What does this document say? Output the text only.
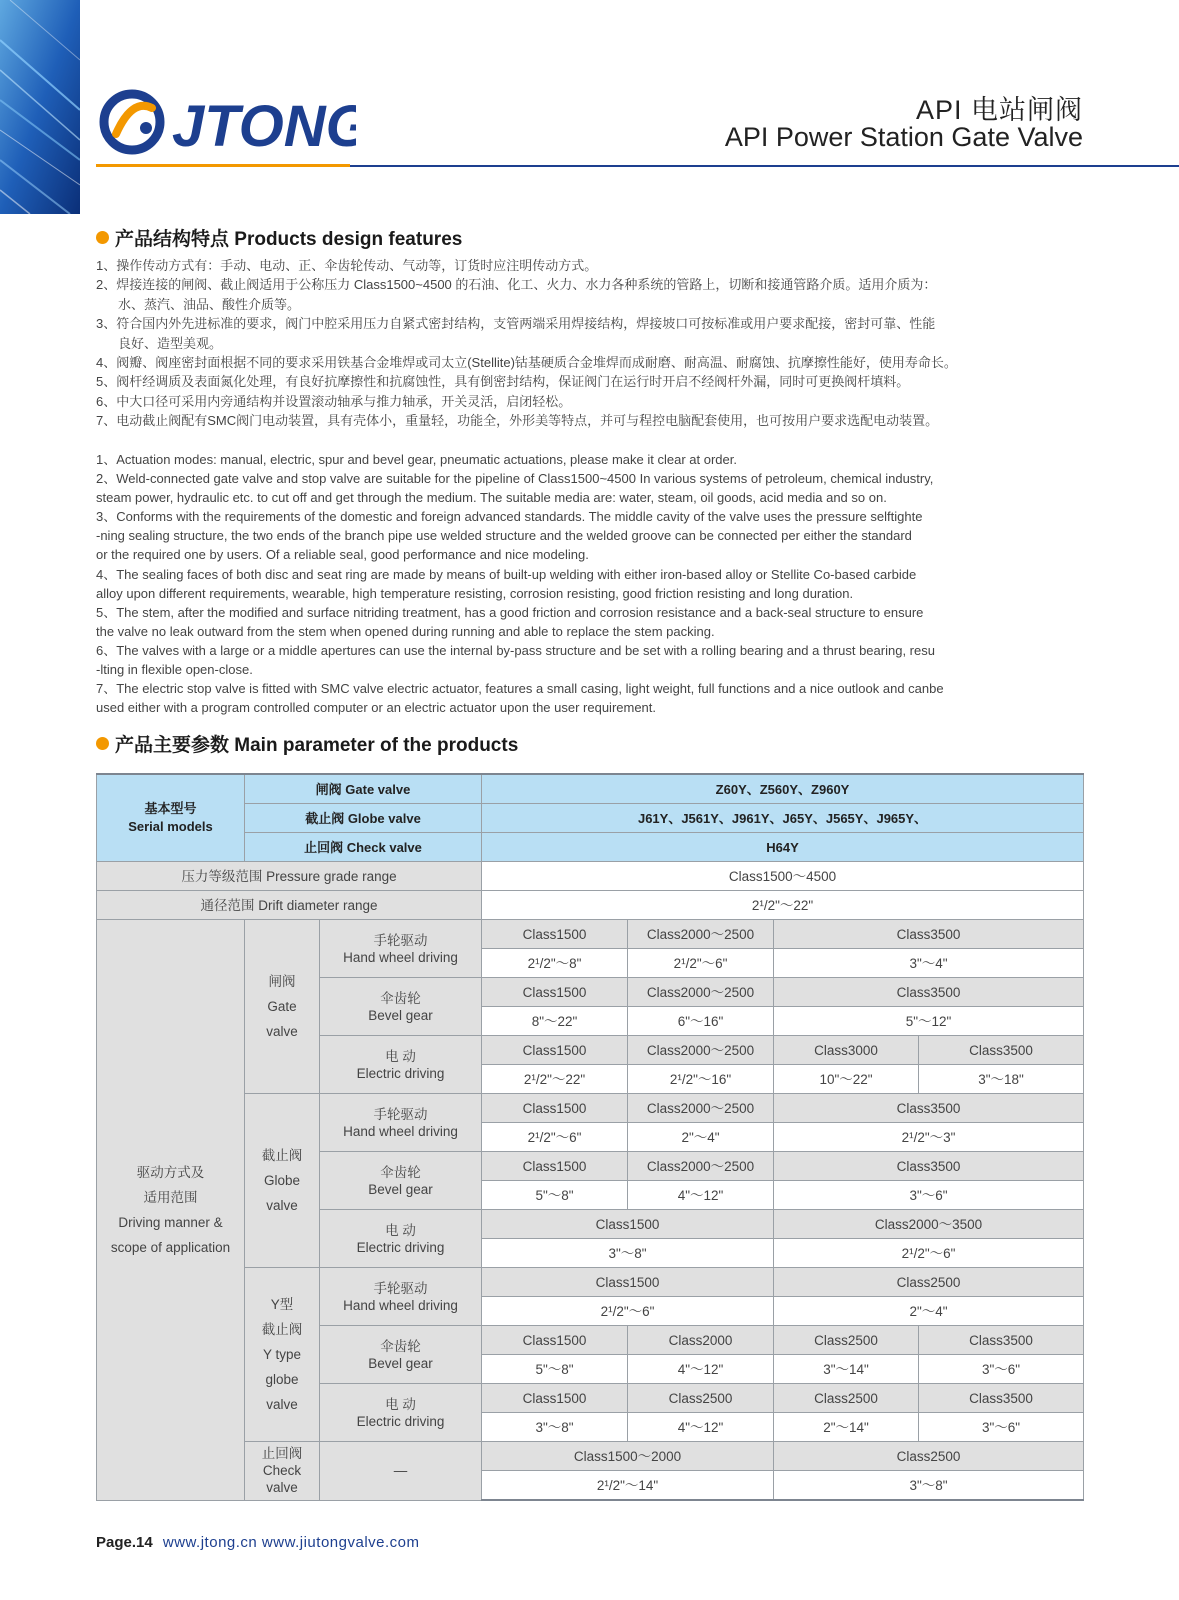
JTONG	API 电站闸阀
API Power Station Gate Valve
产品结构特点 Products design features

1、操作传动方式有：手动、电动、正、伞齿轮传动、气动等，订货时应注明传动方式。

2、焊接连接的闸阀、截止阀适用于公称压力 Class1500~4500 的石油、化工、火力、水力各种系统的管路上，切断和接通管路介质。适用介质为：

水、蒸汽、油品、酸性介质等。

3、符合国内外先进标准的要求，阀门中腔采用压力自紧式密封结构，支管两端采用焊接结构，焊接坡口可按标准或用户要求配接，密封可靠、性能

良好、造型美观。

4、阀瓣、阀座密封面根据不同的要求采用铁基合金堆焊或司太立(Stellite)钴基硬质合金堆焊而成耐磨、耐高温、耐腐蚀、抗摩擦性能好，使用寿命长。

5、阀杆经调质及表面氮化处理，有良好抗摩擦性和抗腐蚀性，具有倒密封结构，保证阀门在运行时开启不经阀杆外漏，同时可更换阀杆填料。

6、中大口径可采用内旁通结构并设置滚动轴承与推力轴承，开关灵活，启闭轻松。

7、电动截止阀配有SMC阀门电动装置，具有壳体小，重量轻，功能全，外形美等特点，并可与程控电脑配套使用，也可按用户要求选配电动装置。

1、Actuation modes: manual, electric, spur and bevel gear, pneumatic actuations, please make it clear at order.

2、Weld-connected gate valve and stop valve are suitable for the pipeline of Class1500~4500 In various systems of petroleum, chemical industry,

steam power, hydraulic etc. to cut off and get through the medium. The suitable media are: water, steam, oil goods, acid media and so on.

3、Conforms with the requirements of the domestic and foreign advanced standards. The middle cavity of the valve uses the pressure selftighte

-ning sealing structure, the two ends of the branch pipe use welded structure and the welded groove can be connected per either the standard

or the required one by users. Of a reliable seal, good performance and nice modeling.

4、The sealing faces of both disc and seat ring are made by means of built-up welding with either iron-based alloy or Stellite Co-based carbide

alloy upon different requirements, wearable, high temperature resisting, corrosion resisting, good friction resisting and long duration.

5、The stem, after the modified and surface nitriding treatment, has a good friction and corrosion resistance and a back-seal structure to ensure

the valve no leak outward from the stem when opened during running and able to replace the stem packing.

6、The valves with a large or a middle apertures can use the internal by-pass structure and be set with a rolling bearing and a thrust bearing, resu

-lting in flexible open-close.

7、The electric stop valve is fitted with SMC valve electric actuator, features a small casing, light weight, full functions and a nice outlook and canbe

used either with a program controlled computer or an electric actuator upon the user requirement.

产品主要参数 Main parameter of the products
基本型号
Serial models	闸阀 Gate valve		Z60Y、Z560Y、Z960Y			
	截止阀 Globe valve		J61Y、J561Y、J961Y、J65Y、J565Y、J965Y、			
	止回阀 Check valve		H64Y			
压力等级范围 Pressure grade range			Class1500～4500			
通径范围 Drift diameter range			2¹/2"～22"			
驱动方式及
适用范围
Driving manner &
scope of application	闸阀
Gate
valve	手轮驱动
Hand wheel driving	Class1500	Class2000～2500	Class3500	
			2¹/2"～8"	2¹/2"～6"	3"～4"	
		伞齿轮
Bevel gear	Class1500	Class2000～2500	Class3500	
			8"～22"	6"～16"	5"～12"	
		电 动
Electric driving	Class1500	Class2000～2500	Class3000	Class3500
			2¹/2"～22"	2¹/2"～16"	10"～22"	3"～18"
	截止阀
Globe
valve	手轮驱动
Hand wheel driving	Class1500	Class2000～2500	Class3500	
			2¹/2"～6"	2"～4"	2¹/2"～3"	
		伞齿轮
Bevel gear	Class1500	Class2000～2500	Class3500	
			5"～8"	4"～12"	3"～6"	
		电 动
Electric driving	Class1500		Class2000～3500	
			3"～8"		2¹/2"～6"	
	Y型
截止阀
Y type
globe
valve	手轮驱动
Hand wheel driving	Class1500		Class2500	
			2¹/2"～6"		2"～4"	
		伞齿轮
Bevel gear	Class1500	Class2000	Class2500	Class3500
			5"～8"	4"～12"	3"～14"	3"～6"
		电 动
Electric driving	Class1500	Class2500	Class2500	Class3500
			3"～8"	4"～12"	2"～14"	3"～6"
	止回阀
Check
valve	—	Class1500～2000		Class2500	
			2¹/2"～14"		3"～8"	
Page.14 www.jtong.cn www.jiutongvalve.com
